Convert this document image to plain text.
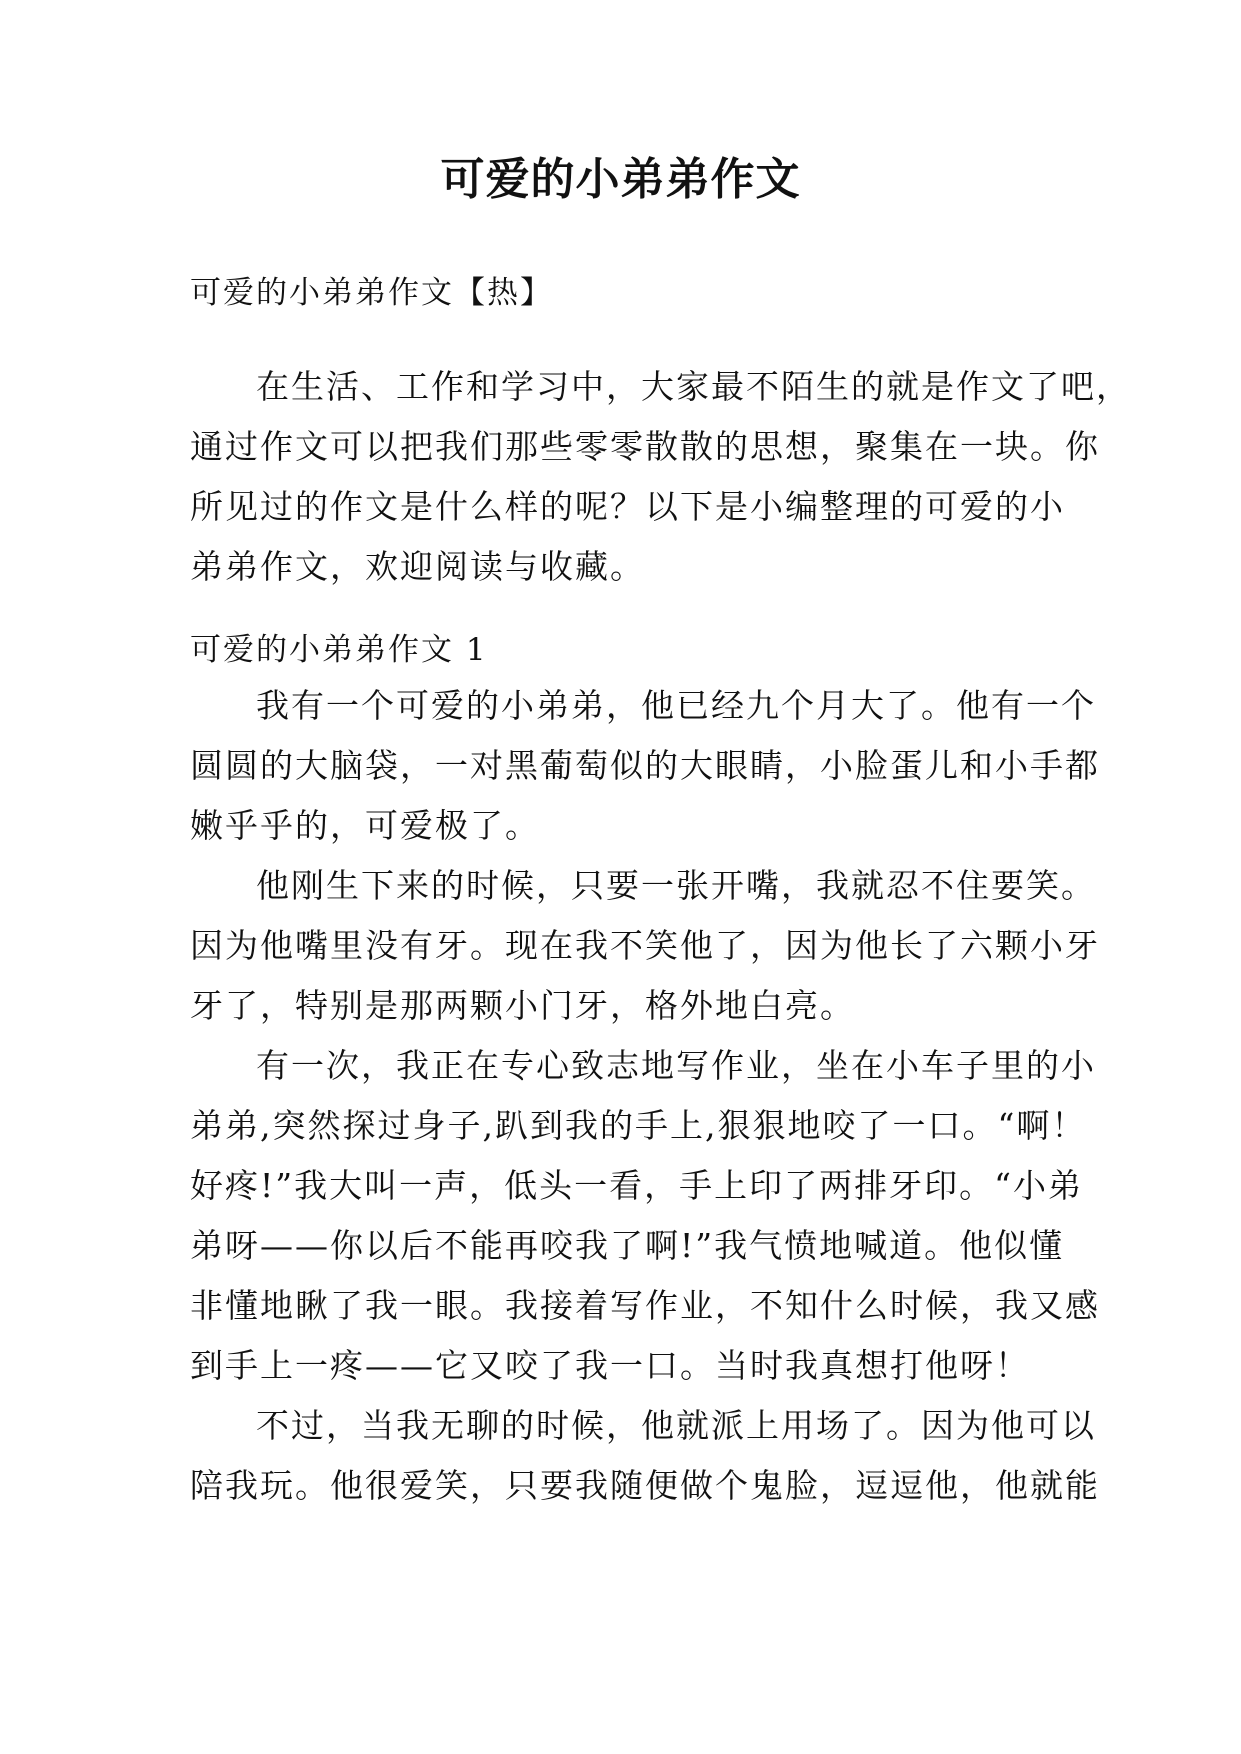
可爱的小弟弟作文
可爱的小弟弟作文【热】
在生活、工作和学习中，大家最不陌生的就是作文了吧，
通过作文可以把我们那些零零散散的思想，聚集在一块。你
所见过的作文是什么样的呢？以下是小编整理的可爱的小
弟弟作文，欢迎阅读与收藏。
可爱的小弟弟作文 1
我有一个可爱的小弟弟，他已经九个月大了。他有一个
圆圆的大脑袋，一对黑葡萄似的大眼睛，小脸蛋儿和小手都
嫩乎乎的，可爱极了。
他刚生下来的时候，只要一张开嘴，我就忍不住要笑。
因为他嘴里没有牙。现在我不笑他了，因为他长了六颗小牙
牙了，特别是那两颗小门牙，格外地白亮。
有一次，我正在专心致志地写作业，坐在小车子里的小
弟弟,突然探过身子,趴到我的手上,狠狠地咬了一口。“啊！
好疼!”我大叫一声，低头一看，手上印了两排牙印。“小弟
弟呀——你以后不能再咬我了啊!”我气愤地喊道。他似懂
非懂地瞅了我一眼。我接着写作业，不知什么时候，我又感
到手上一疼——它又咬了我一口。当时我真想打他呀！
不过，当我无聊的时候，他就派上用场了。因为他可以
陪我玩。他很爱笑，只要我随便做个鬼脸，逗逗他，他就能
